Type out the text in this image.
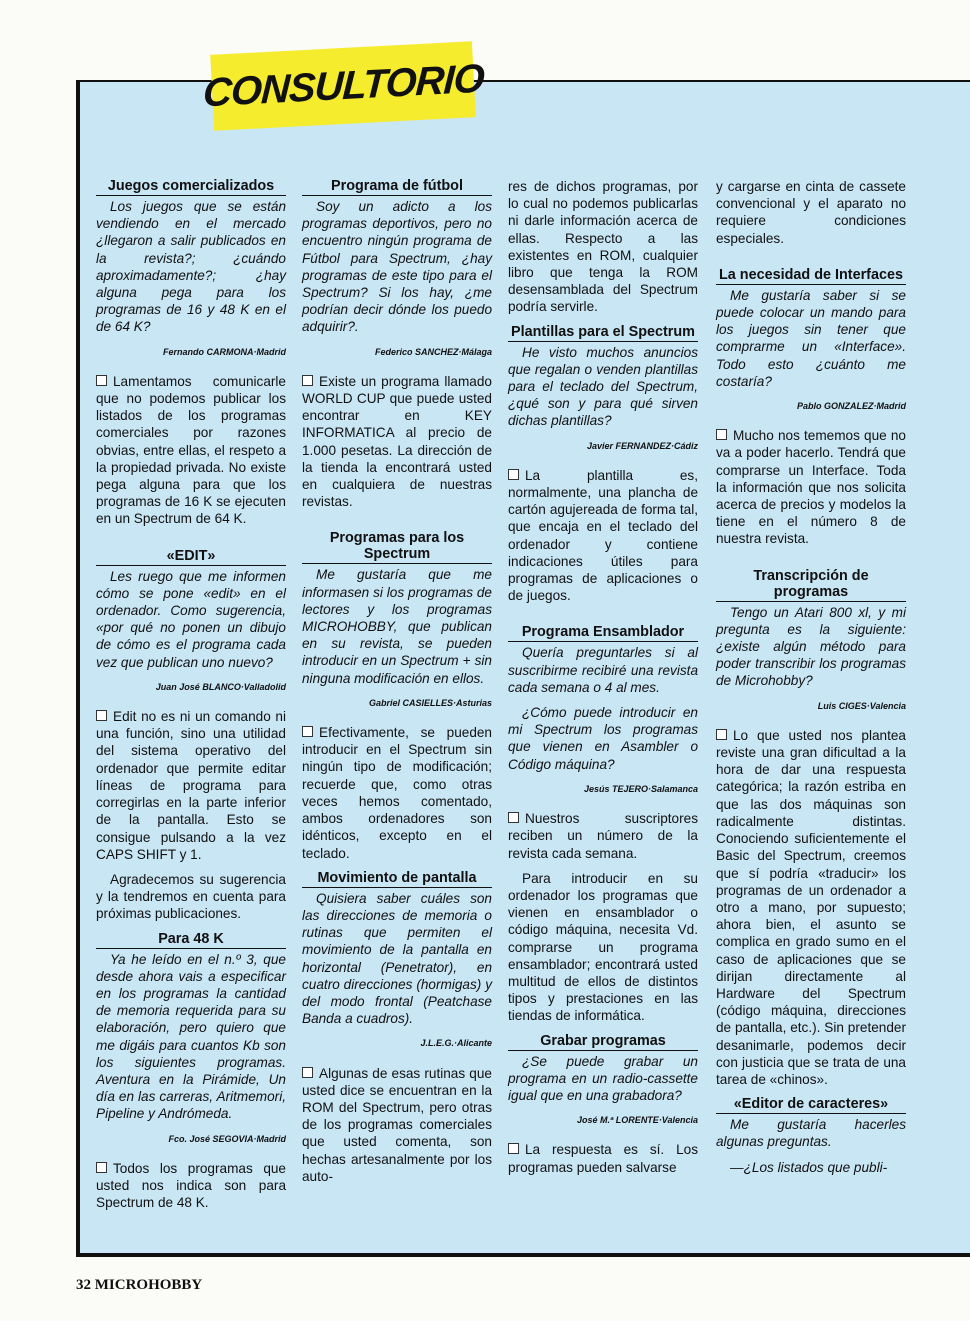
CONSULTORIO
Juegos comercializados

Los juegos que se están vendiendo en el mercado ¿llegaron a salir publicados en la revista?; ¿cuándo aproximadamente?; ¿hay alguna pega para los programas de 16 y 48 K en el de 64 K?

Fernando CARMONA·Madrid

Lamentamos comunicarle que no podemos publicar los listados de los programas comerciales por razones obvias, entre ellas, el respeto a la propiedad privada. No existe pega alguna para que los programas de 16 K se ejecuten en un Spectrum de 64 K.

«EDIT»

Les ruego que me informen cómo se pone «edit» en el ordenador. Como sugerencia, «por qué no ponen un dibujo de cómo es el programa cada vez que publican uno nuevo?

Juan José BLANCO·Valladolid

Edit no es ni un comando ni una función, sino una utilidad del sistema operativo del ordenador que permite editar líneas de programa para corregirlas en la parte inferior de la pantalla. Esto se consigue pulsando a la vez CAPS SHIFT y 1.

Agradecemos su sugerencia y la tendremos en cuenta para próximas publicaciones.

Para 48 K

Ya he leído en el n.º 3, que desde ahora vais a especificar en los programas la cantidad de memoria requerida para su elaboración, pero quiero que me digáis para cuantos Kb son los siguientes programas. Aventura en la Pirámide, Un día en las carreras, Aritmemori, Pipeline y Andrómeda.

Fco. José SEGOVIA·Madrid

Todos los programas que usted nos indica son para Spectrum de 48 K.

Programa de fútbol

Soy un adicto a los programas deportivos, pero no encuentro ningún programa de Fútbol para Spectrum, ¿hay programas de este tipo para el Spectrum? Si los hay, ¿me podrían decir dónde los puedo adquirir?.

Federico SANCHEZ·Málaga

Existe un programa llamado WORLD CUP que puede usted encontrar en KEY INFORMATICA al precio de 1.000 pesetas. La dirección de la tienda la encontrará usted en cualquiera de nuestras revistas.

Programas para los Spectrum

Me gustaría que me informasen si los programas de lectores y los programas MICROHOBBY, que publican en su revista, se pueden introducir en un Spectrum + sin ninguna modificación en ellos.

Gabriel CASIELLES·Asturias

Efectivamente, se pueden introducir en el Spectrum sin ningún tipo de modificación; recuerde que, como otras veces hemos comentado, ambos ordenadores son idénticos, excepto en el teclado.

Movimiento de pantalla

Quisiera saber cuáles son las direcciones de memoria o rutinas que permiten el movimiento de la pantalla en horizontal (Penetrator), en cuatro direcciones (hormigas) y del modo frontal (Peatchase Banda a cuadros).

J.L.E.G.·Alicante

Algunas de esas rutinas que usted dice se encuentran en la ROM del Spectrum, pero otras de los programas comerciales que usted comenta, son hechas artesanalmente por los auto-

res de dichos programas, por lo cual no podemos publicarlas ni darle información acerca de ellas. Respecto a las existentes en ROM, cualquier libro que tenga la ROM desensamblada del Spectrum podría servirle.

Plantillas para el Spectrum

He visto muchos anuncios que regalan o venden plantillas para el teclado del Spectrum, ¿qué son y para qué sirven dichas plantillas?

Javier FERNANDEZ·Cádiz

La plantilla es, normalmente, una plancha de cartón agujereada de forma tal, que encaja en el teclado del ordenador y contiene indicaciones útiles para programas de aplicaciones o de juegos.

Programa Ensamblador

Quería preguntarles si al suscribirme recibiré una revista cada semana o 4 al mes.

¿Cómo puede introducir en mi Spectrum los programas que vienen en Asambler o Código máquina?

Jesús TEJERO·Salamanca

Nuestros suscriptores reciben un número de la revista cada semana.

Para introducir en su ordenador los programas que vienen en ensamblador o código máquina, necesita Vd. comprarse un programa ensamblador; encontrará usted multitud de ellos de distintos tipos y prestaciones en las tiendas de informática.

Grabar programas

¿Se puede grabar un programa en un radio-cassette igual que en una grabadora?

José M.ª LORENTE·Valencia

La respuesta es sí. Los programas pueden salvarse

y cargarse en cinta de cassete convencional y el aparato no requiere condiciones especiales.

La necesidad de Interfaces

Me gustaría saber si se puede colocar un mando para los juegos sin tener que comprarme un «Interface». Todo esto ¿cuánto me costaría?

Pablo GONZALEZ·Madrid

Mucho nos tememos que no va a poder hacerlo. Tendrá que comprarse un Interface. Toda la información que nos solicita acerca de precios y modelos la tiene en el número 8 de nuestra revista.

Transcripción de programas

Tengo un Atari 800 xl, y mi pregunta es la siguiente: ¿existe algún método para poder transcribir los programas de Microhobby?

Luis CIGES·Valencia

Lo que usted nos plantea reviste una gran dificultad a la hora de dar una respuesta categórica; la razón estriba en que las dos máquinas son radicalmente distintas. Conociendo suficientemente el Basic del Spectrum, creemos que sí podría «traducir» los programas de un ordenador a otro a mano, por supuesto; ahora bien, el asunto se complica en grado sumo en el caso de aplicaciones que se dirijan directamente al Hardware del Spectrum (código máquina, direcciones de pantalla, etc.). Sin pretender desanimarle, podemos decir con justicia que se trata de una tarea de «chinos».

«Editor de caracteres»

Me gustaría hacerles algunas preguntas.

—¿Los listados que publi-

32 MICROHOBBY
